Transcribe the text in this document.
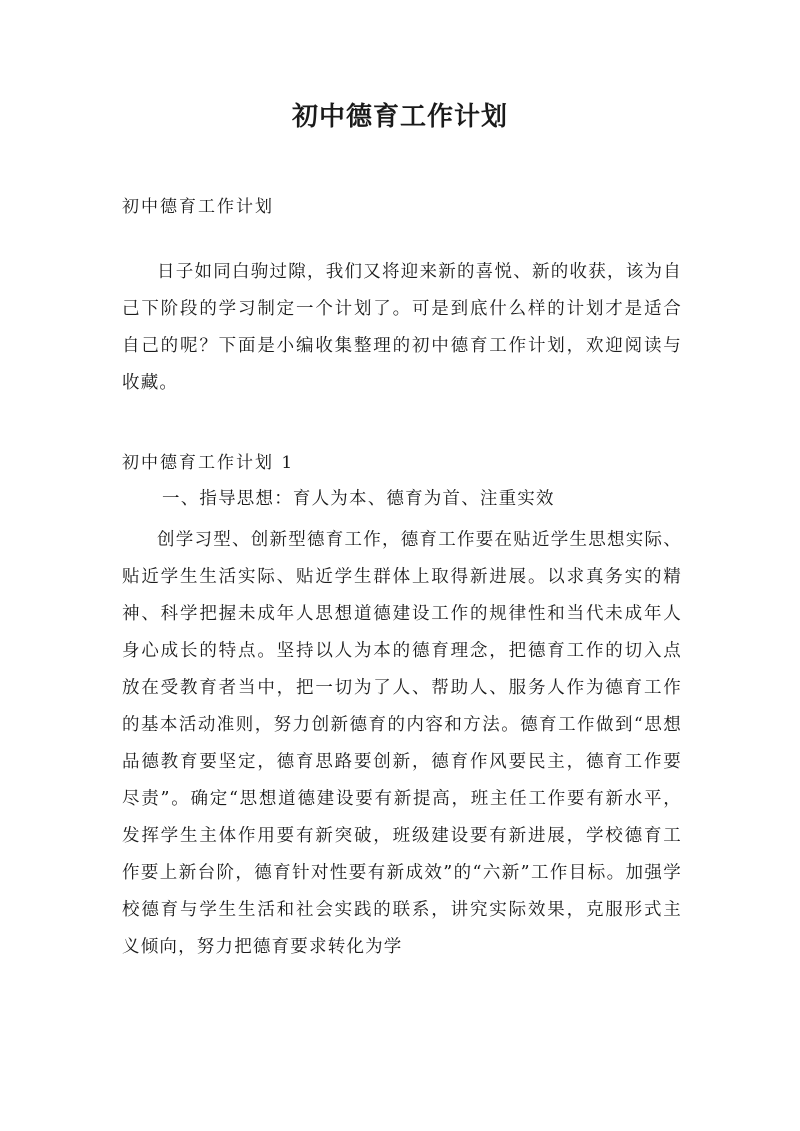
初中德育工作计划
初中德育工作计划
日子如同白驹过隙，我们又将迎来新的喜悦、新的收获，该为自己下阶段的学习制定一个计划了。可是到底什么样的计划才是适合自己的呢？下面是小编收集整理的初中德育工作计划，欢迎阅读与收藏。
初中德育工作计划 1
一、指导思想：育人为本、德育为首、注重实效
创学习型、创新型德育工作，德育工作要在贴近学生思想实际、贴近学生生活实际、贴近学生群体上取得新进展。以求真务实的精神、科学把握未成年人思想道德建设工作的规律性和当代未成年人身心成长的特点。坚持以人为本的德育理念，把德育工作的切入点放在受教育者当中，把一切为了人、帮助人、服务人作为德育工作的基本活动准则，努力创新德育的内容和方法。德育工作做到“思想品德教育要坚定，德育思路要创新，德育作风要民主，德育工作要尽责”。确定“思想道德建设要有新提高，班主任工作要有新水平，发挥学生主体作用要有新突破，班级建设要有新进展，学校德育工作要上新台阶，德育针对性要有新成效”的“六新”工作目标。加强学校德育与学生生活和社会实践的联系，讲究实际效果，克服形式主义倾向，努力把德育要求转化为学
